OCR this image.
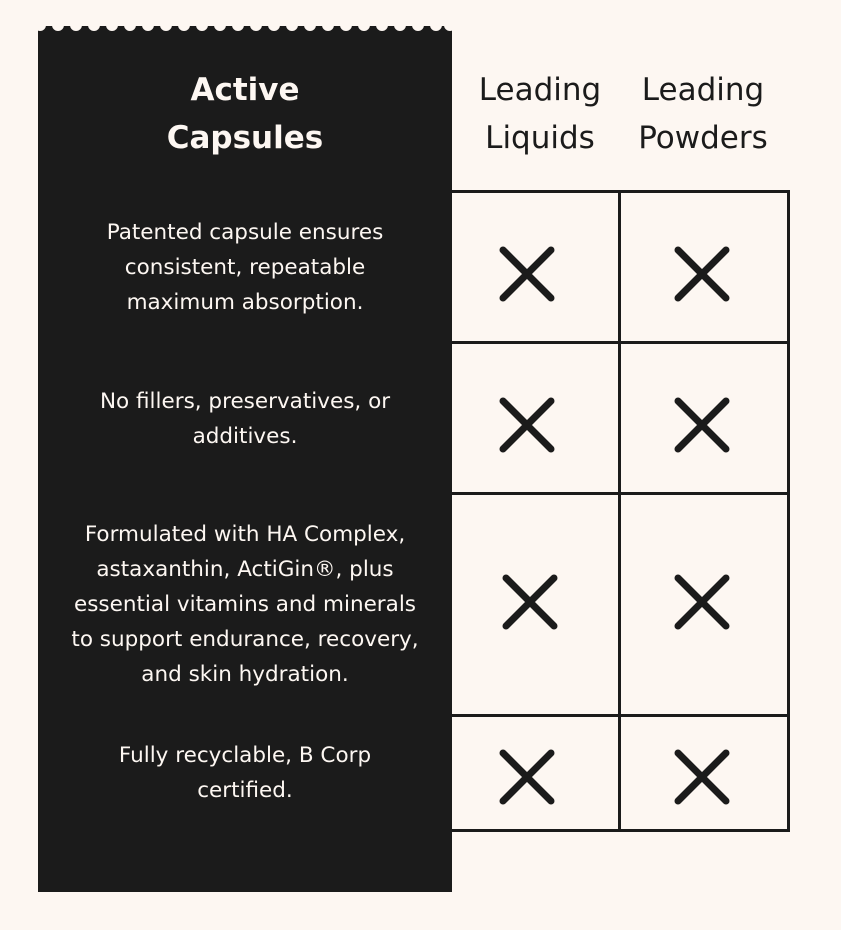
Active
Capsules
Leading
Liquids
Leading
Powders
Patented capsule ensures
consistent, repeatable
maximum absorption.
No fillers, preservatives, or
additives.
Formulated with HA Complex,
astaxanthin, ActiGin®, plus
essential vitamins and minerals
to support endurance, recovery,
and skin hydration.
Fully recyclable, B Corp
certified.
